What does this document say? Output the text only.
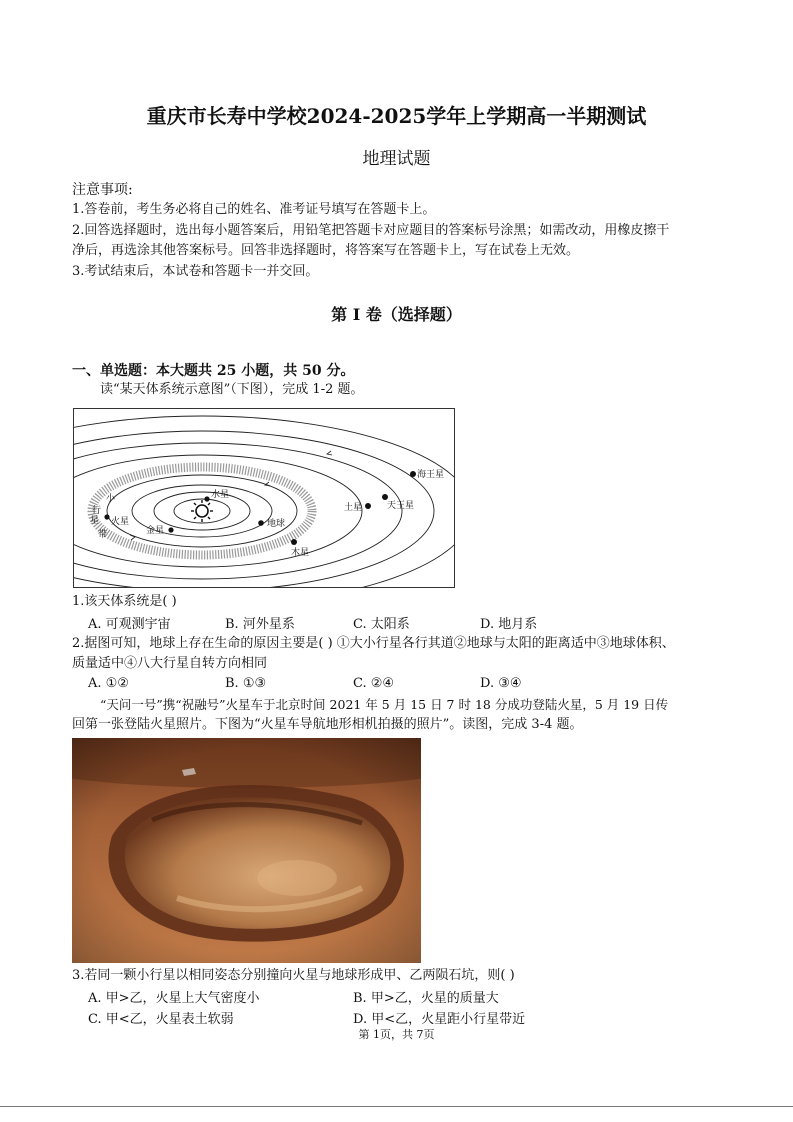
重庆市长寿中学校2024-2025学年上学期高一半期测试
地理试题
注意事项:
1.答卷前，考生务必将自己的姓名、准考证号填写在答题卡上。
2.回答选择题时，选出每小题答案后，用铅笔把答题卡对应题目的答案标号涂黑；如需改动，用橡皮擦干
净后，再选涂其他答案标号。回答非选择题时，将答案写在答题卡上，写在试卷上无效。
3.考试结束后，本试卷和答题卡一并交回。
第 I 卷（选择题）
一、单选题：本大题共 25 小题，共 50 分。
读“某天体系统示意图”（下图），完成 1-2 题。
水星
金星
地球
火星
木星
土星	天王星
海王星
小
行
星
带
1.该天体系统是( )
A. 可观测宇宙	B. 河外星系	C. 太阳系	D. 地月系
2.据图可知，地球上存在生命的原因主要是( ) ①大小行星各行其道②地球与太阳的距离适中③地球体积、
质量适中④八大行星自转方向相同
A. ①②	B. ①③	C. ②④	D. ③④
“天问一号”携“祝融号”火星车于北京时间 2021 年 5 月 15 日 7 时 18 分成功登陆火星，5 月 19 日传
回第一张登陆火星照片。下图为“火星车导航地形相机拍摄的照片”。读图，完成 3-4 题。
3.若同一颗小行星以相同姿态分别撞向火星与地球形成甲、乙两陨石坑，则( )
A. 甲>乙，火星上大气密度小	B. 甲>乙，火星的质量大
C. 甲<乙，火星表土软弱	D. 甲<乙，火星距小行星带近
第 1页，共 7页
